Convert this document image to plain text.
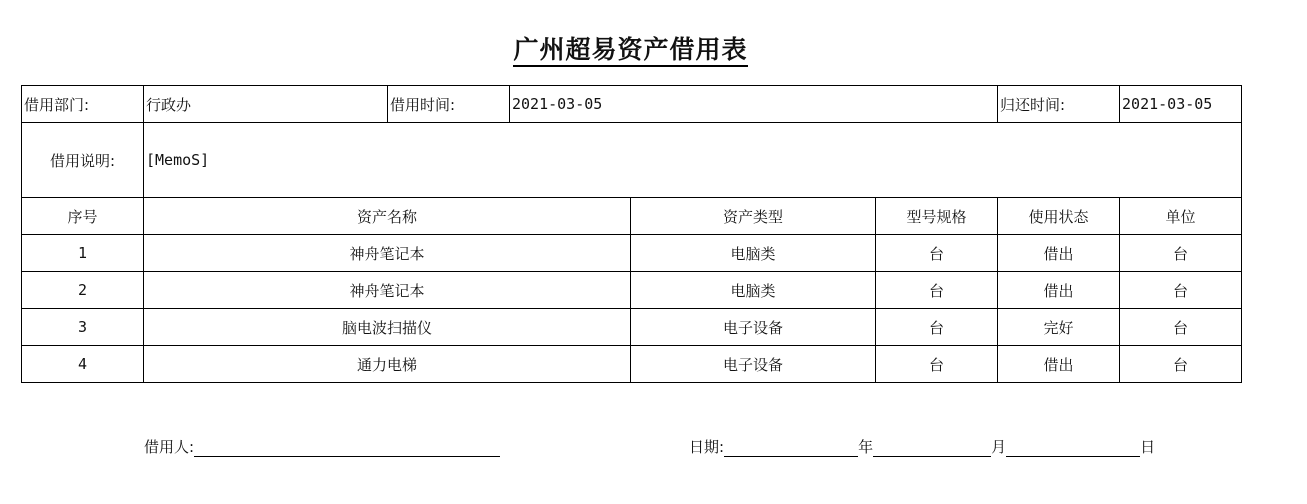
广州超易资产借用表
借用部门:	行政办	借用时间:	2021-03-05			归还时间:	2021-03-05	
借用说明:	[MemoS]							
序号	资产名称			资产类型	型号规格	使用状态	单位	
1	神舟笔记本			电脑类	台	借出	台	
2	神舟笔记本			电脑类	台	借出	台	
3	脑电波扫描仪			电子设备	台	完好	台	
4	通力电梯			电子设备	台	借出	台	
借用人:	日期:	年	月	日
